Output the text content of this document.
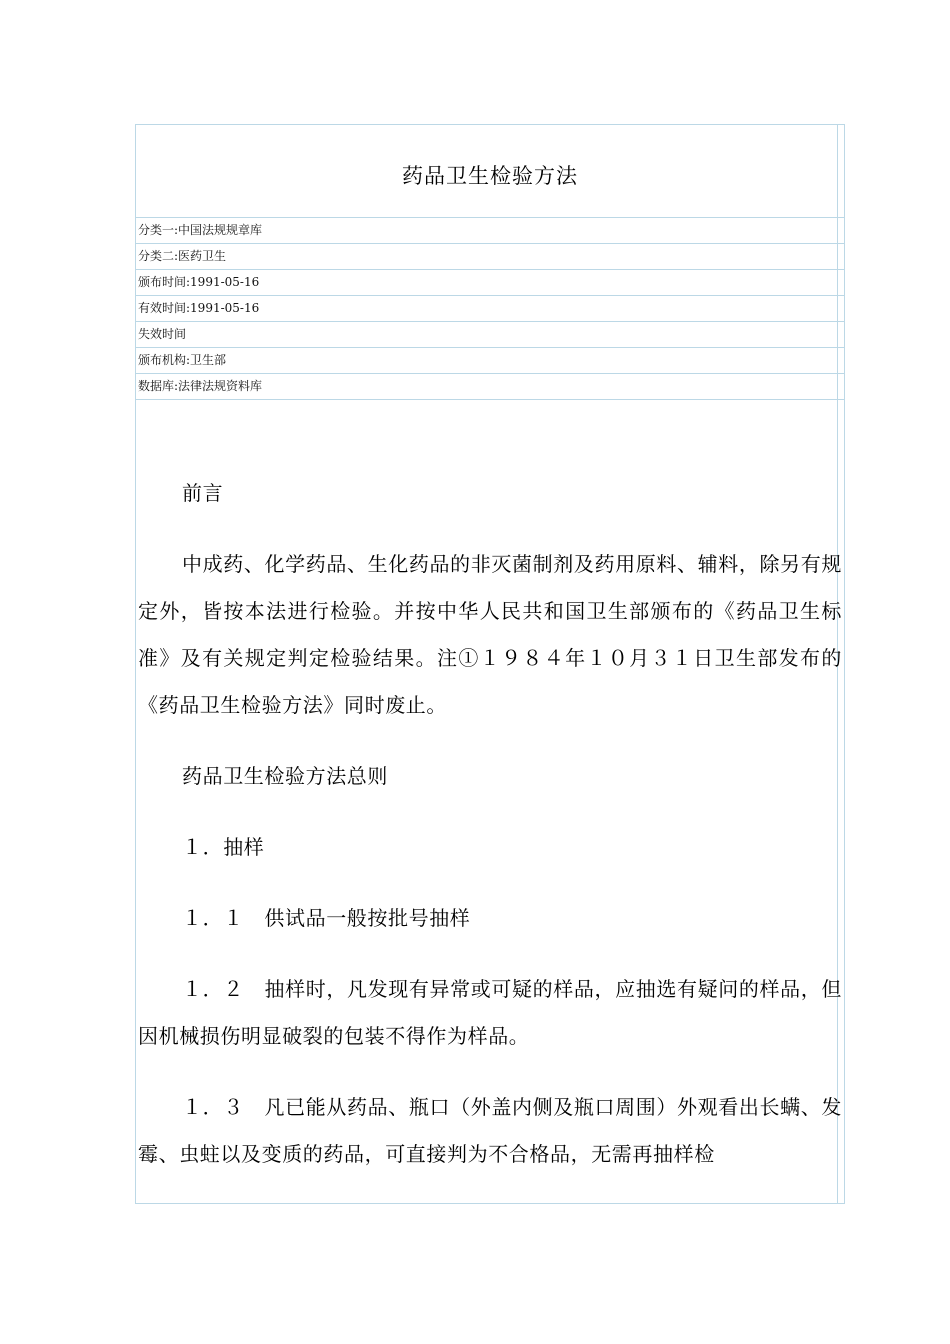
药品卫生检验方法
分类一:中国法规规章库
分类二:医药卫生
颁布时间:1991-05-16
有效时间:1991-05-16
失效时间
颁布机构:卫生部
数据库:法律法规资料库

前言

中成药、化学药品、生化药品的非灭菌制剂及药用原料、辅料，除另有规定外，皆按本法进行检验。并按中华人民共和国卫生部颁布的《药品卫生标准》及有关规定判定检验结果。注①１９８４年１０月３１日卫生部发布的《药品卫生检验方法》同时废止。

药品卫生检验方法总则

１．抽样

１．１　供试品一般按批号抽样

１．２　抽样时，凡发现有异常或可疑的样品，应抽选有疑问的样品，但因机械损伤明显破裂的包装不得作为样品。

１．３　凡已能从药品、瓶口（外盖内侧及瓶口周围）外观看出长螨、发霉、虫蛀以及变质的药品，可直接判为不合格品，无需再抽样检
